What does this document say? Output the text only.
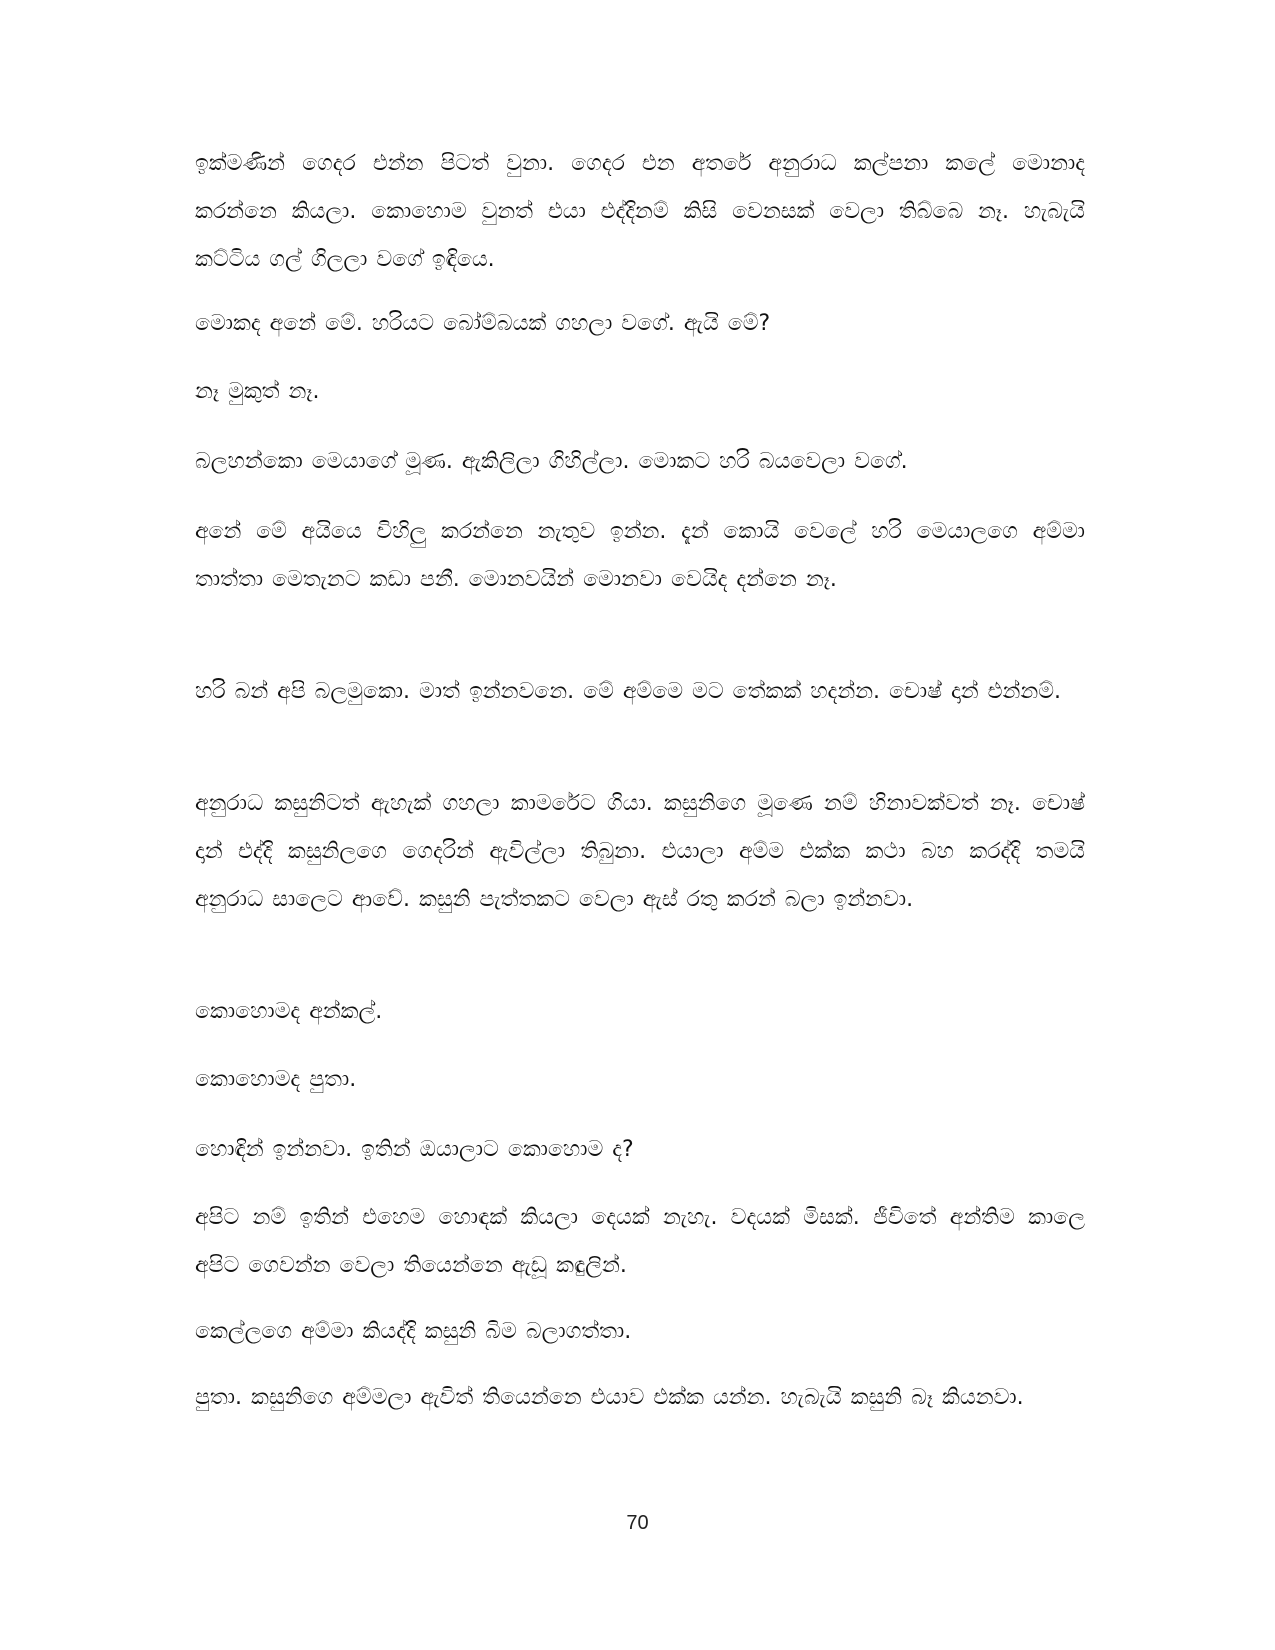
ඉක්මණින් ගෙදර එන්න පිටත් වුනා. ගෙදර එන අතරේ අනුරාධ කල්පනා කලේ මොනාද කරන්නෙ කියලා. කොහොම වුනත් එයා එද්දිනම් කිසි වෙනසක් වෙලා තිබ්බෙ නෑ. හැබැයි කට්ටිය ගල් ගිලලා වගේ ඉඳියෙ.

මොකද අනේ මේ. හරියට බෝම්බයක් ගහලා වගේ. ඇයි මේ?

නෑ මුකුත් නෑ.

බලහන්කො මෙයාගේ මූණ. ඇකිලිලා ගිහිල්ලා. මොකට හරි බයවෙලා වගේ.

අනේ මේ අයියෙ විහිලු කරන්නෙ නැතුව ඉන්න. දැන් කොයි වෙලේ හරි මෙයාලගෙ අම්මා තාත්තා මෙතැනට කඩා පනී. මොනවයින් මොනවා වෙයිද දන්නෙ නෑ.

හරි බන් අපි බලමුකො. මාත් ඉන්නවනෙ. මේ අම්මෙ මට තේකක් හදන්න. චොෂ් දාන් එන්නම්.

අනුරාධ කසුනිටත් ඇහැක් ගහලා කාමරේට ගියා. කසුනිගෙ මූණෙ නම් හිනාවක්වත් නෑ. චොෂ් දාන් එද්දි කසුනිලගෙ ගෙදරින් ඇවිල්ලා තිබුනා. එයාලා අම්ම එක්ක කථා බහ කරද්දි තමයි අනුරාධ සාලෙට ආවේ. කසුනි පැත්තකට වෙලා ඇස් රතු කරන් බලා ඉන්නවා.

කොහොමද අන්කල්.

කොහොමද පුතා.

හොඳින් ඉන්නවා. ඉතින් ඔයාලාට කොහොම ද?

අපිට නම් ඉතින් එහෙම හොඳක් කියලා දෙයක් නැහැ. වදයක් මිසක්. ජීවිතේ අන්තිම කාලෙ අපිට ගෙවන්න වෙලා තියෙන්නෙ ඇඩූ කඳුලින්.

කෙල්ලගෙ අම්මා කියද්දි කසුනි බිම බලාගත්තා.

පුතා. කසුනිගෙ අම්මලා ඇවිත් තියෙන්නෙ එයාව එක්ක යන්න. හැබැයි කසුනි බෑ කියනවා.

70
